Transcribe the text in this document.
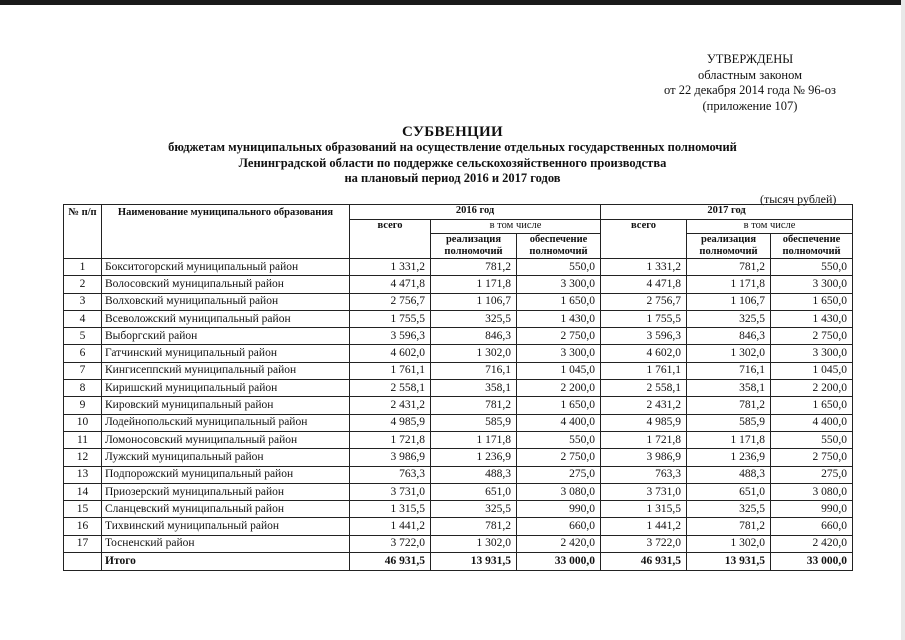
УТВЕРЖДЕНЫ
областным законом
от 22 декабря 2014 года № 96-оз
(приложение 107)
СУБВЕНЦИИ
бюджетам муниципальных образований на осуществление отдельных государственных полномочий
Ленинградской области по поддержке сельскохозяйственного производства
на плановый период 2016 и 2017 годов
(тысяч рублей)
№ п/п	Наименование муниципального образования	2016 год			2017 год		
		всего	в том числе		всего	в том числе	
			реализация полномочий	обеспечение полномочий		реализация полномочий	обеспечение полномочий
1	Бокситогорский муниципальный район	1 331,2	781,2	550,0	1 331,2	781,2	550,0
2	Волосовский муниципальный район	4 471,8	1 171,8	3 300,0	4 471,8	1 171,8	3 300,0
3	Волховский муниципальный район	2 756,7	1 106,7	1 650,0	2 756,7	1 106,7	1 650,0
4	Всеволожский муниципальный район	1 755,5	325,5	1 430,0	1 755,5	325,5	1 430,0
5	Выборгский район	3 596,3	846,3	2 750,0	3 596,3	846,3	2 750,0
6	Гатчинский муниципальный район	4 602,0	1 302,0	3 300,0	4 602,0	1 302,0	3 300,0
7	Кингисеппский муниципальный район	1 761,1	716,1	1 045,0	1 761,1	716,1	1 045,0
8	Киришский муниципальный район	2 558,1	358,1	2 200,0	2 558,1	358,1	2 200,0
9	Кировский муниципальный район	2 431,2	781,2	1 650,0	2 431,2	781,2	1 650,0
10	Лодейнопольский муниципальный район	4 985,9	585,9	4 400,0	4 985,9	585,9	4 400,0
11	Ломоносовский муниципальный район	1 721,8	1 171,8	550,0	1 721,8	1 171,8	550,0
12	Лужский муниципальный район	3 986,9	1 236,9	2 750,0	3 986,9	1 236,9	2 750,0
13	Подпорожский муниципальный район	763,3	488,3	275,0	763,3	488,3	275,0
14	Приозерский муниципальный район	3 731,0	651,0	3 080,0	3 731,0	651,0	3 080,0
15	Сланцевский муниципальный район	1 315,5	325,5	990,0	1 315,5	325,5	990,0
16	Тихвинский муниципальный район	1 441,2	781,2	660,0	1 441,2	781,2	660,0
17	Тосненский район	3 722,0	1 302,0	2 420,0	3 722,0	1 302,0	2 420,0
	Итого	46 931,5	13 931,5	33 000,0	46 931,5	13 931,5	33 000,0
